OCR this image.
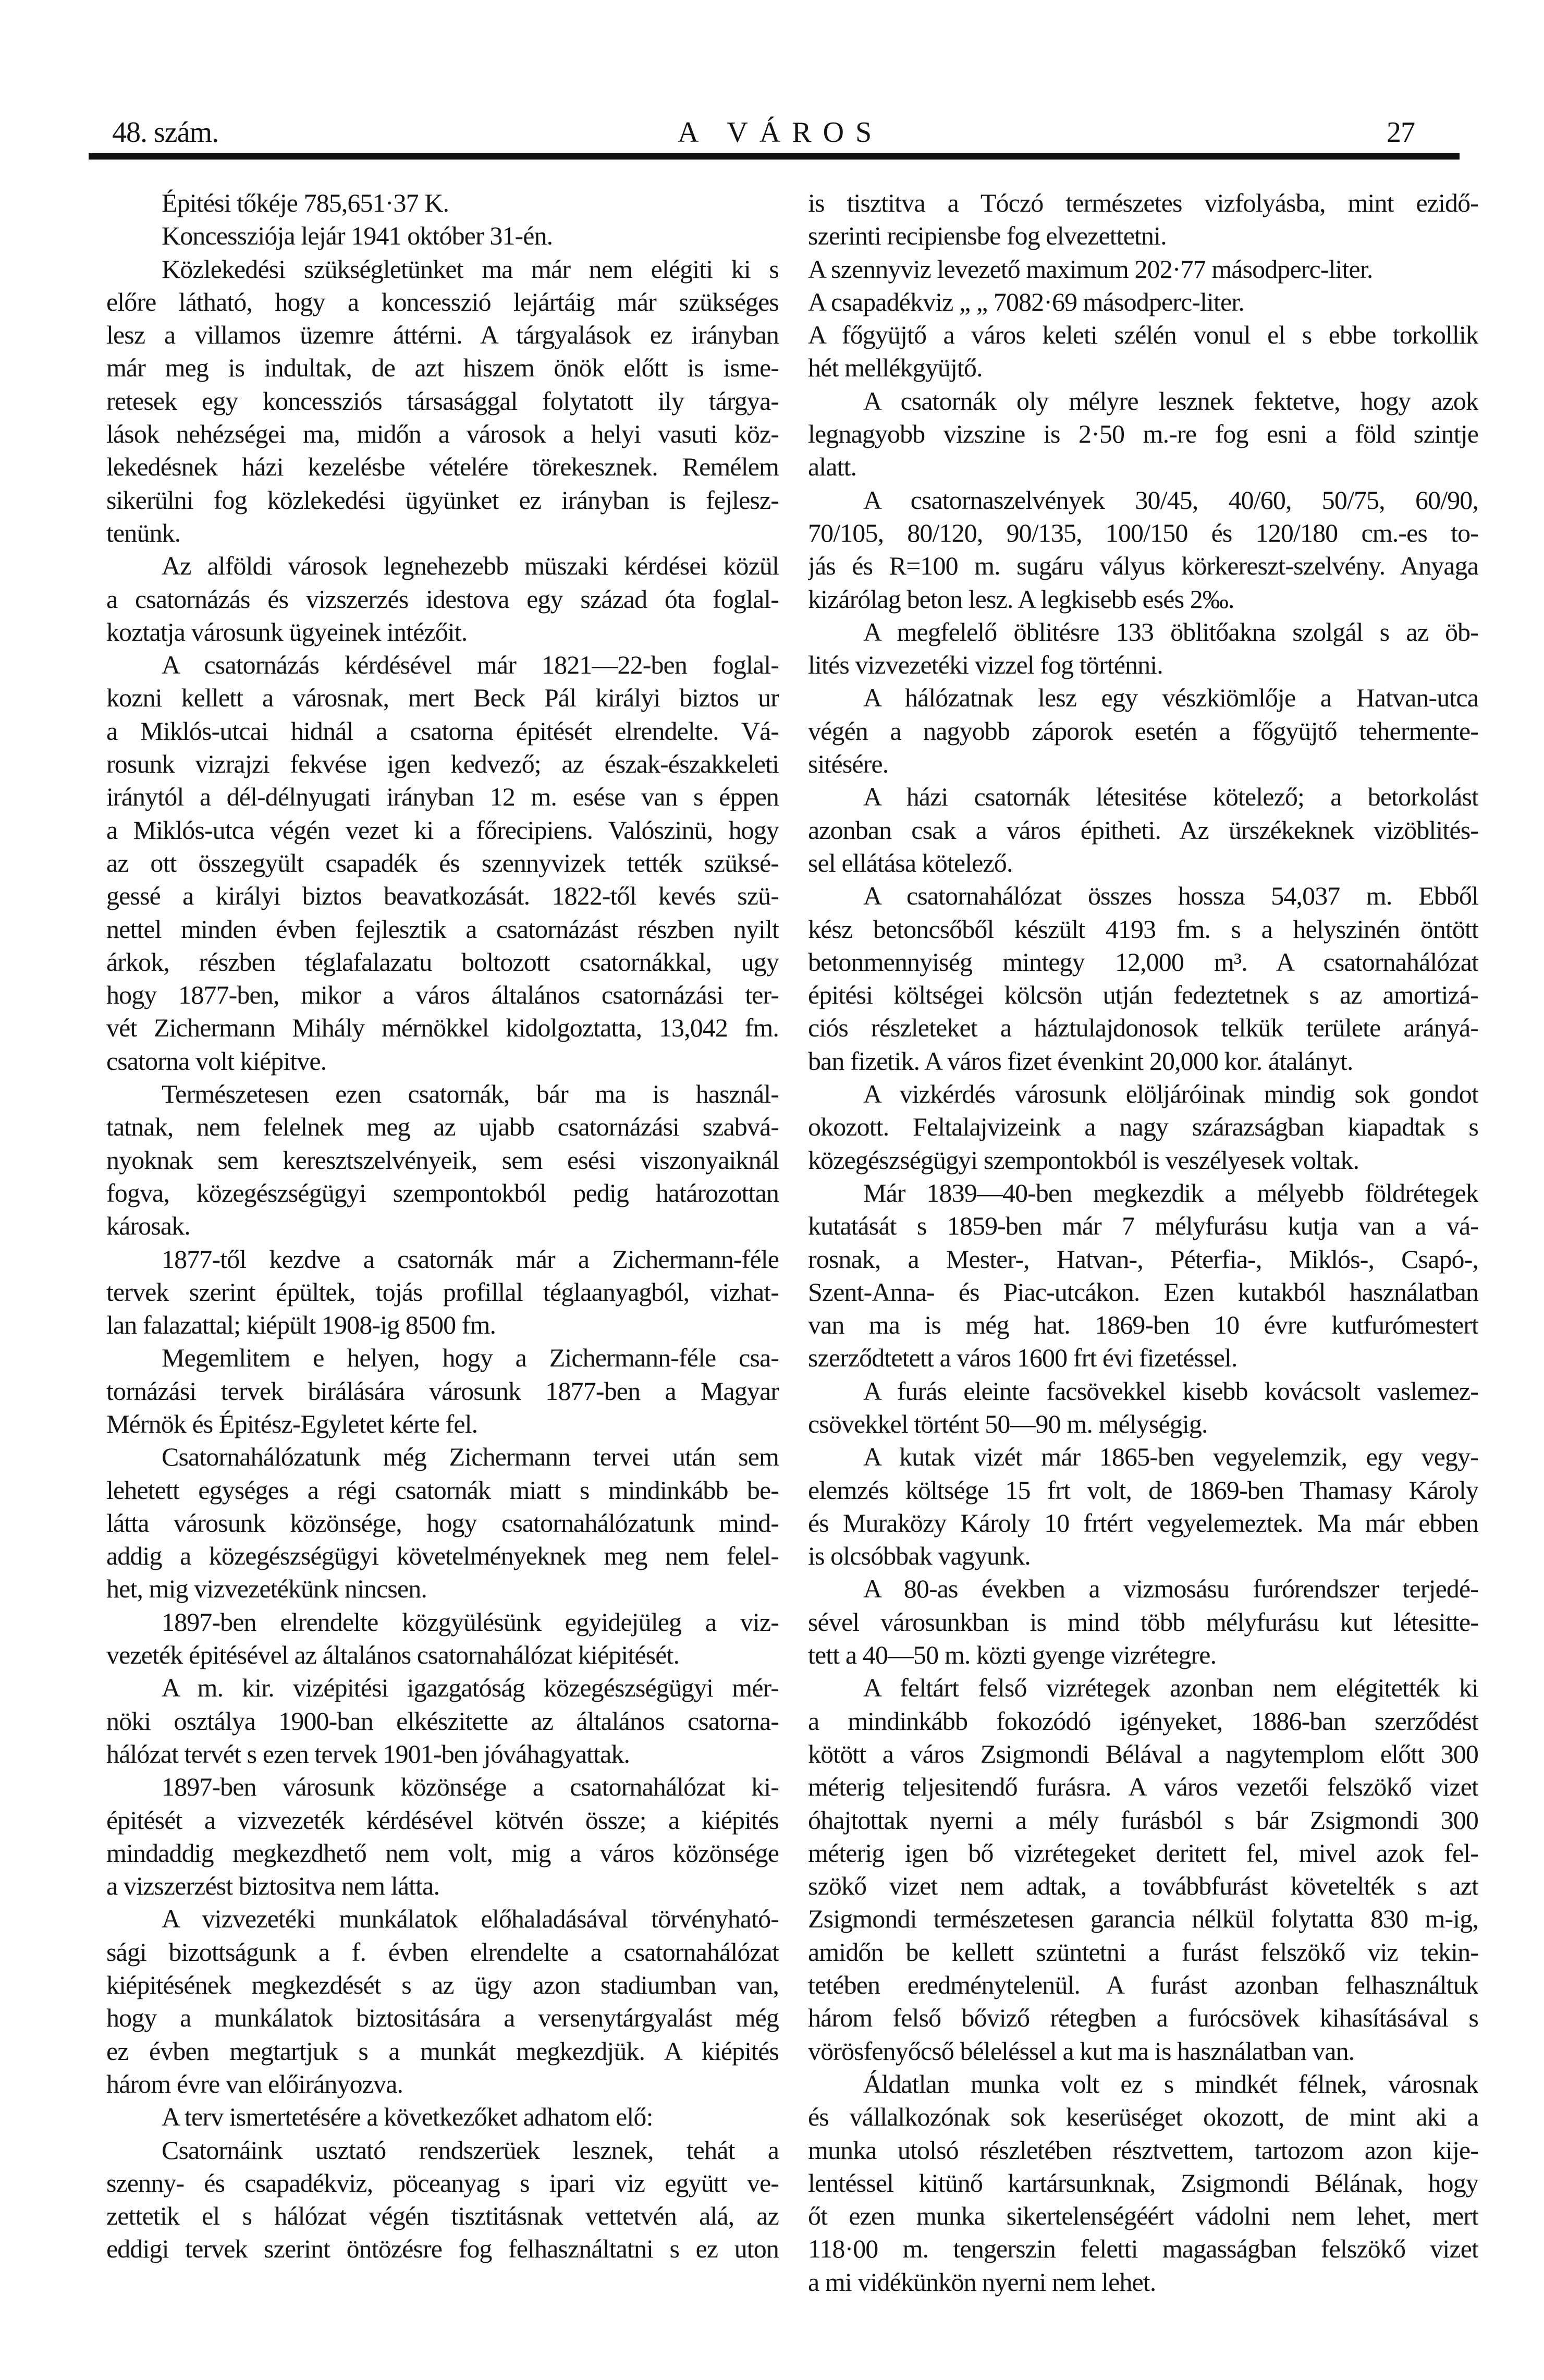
48. szám.	A VÁROS	27
Épitési tőkéje 785,651·37 K.
Koncessziója lejár 1941 október 31-én.
Közlekedési szükségletünket ma már nem elégiti ki s
előre látható, hogy a koncesszió lejártáig már szükséges
lesz a villamos üzemre áttérni. A tárgyalások ez irányban
már meg is indultak, de azt hiszem önök előtt is isme-
retesek egy koncessziós társasággal folytatott ily tárgya-
lások nehézségei ma, midőn a városok a helyi vasuti köz-
lekedésnek házi kezelésbe vételére törekesznek. Remélem
sikerülni fog közlekedési ügyünket ez irányban is fejlesz-
tenünk.
Az alföldi városok legnehezebb müszaki kérdései közül
a csatornázás és vizszerzés idestova egy század óta foglal-
koztatja városunk ügyeinek intézőit.
A csatornázás kérdésével már 1821—22-ben foglal-
kozni kellett a városnak, mert Beck Pál királyi biztos ur
a Miklós-utcai hidnál a csatorna épitését elrendelte. Vá-
rosunk vizrajzi fekvése igen kedvező; az észak-északkeleti
iránytól a dél-délnyugati irányban 12 m. esése van s éppen
a Miklós-utca végén vezet ki a főrecipiens. Valószinü, hogy
az ott összegyült csapadék és szennyvizek tették szüksé-
gessé a királyi biztos beavatkozását. 1822-től kevés szü-
nettel minden évben fejlesztik a csatornázást részben nyilt
árkok, részben téglafalazatu boltozott csatornákkal, ugy
hogy 1877-ben, mikor a város általános csatornázási ter-
vét Zichermann Mihály mérnökkel kidolgoztatta, 13,042 fm.
csatorna volt kiépitve.
Természetesen ezen csatornák, bár ma is használ-
tatnak, nem felelnek meg az ujabb csatornázási szabvá-
nyoknak sem keresztszelvényeik, sem esési viszonyaiknál
fogva, közegészségügyi szempontokból pedig határozottan
károsak.
1877-től kezdve a csatornák már a Zichermann-féle
tervek szerint épültek, tojás profillal téglaanyagból, vizhat-
lan falazattal; kiépült 1908-ig 8500 fm.
Megemlitem e helyen, hogy a Zichermann-féle csa-
tornázási tervek birálására városunk 1877-ben a Magyar
Mérnök és Épitész-Egyletet kérte fel.
Csatornahálózatunk még Zichermann tervei után sem
lehetett egységes a régi csatornák miatt s mindinkább be-
látta városunk közönsége, hogy csatornahálózatunk mind-
addig a közegészségügyi követelményeknek meg nem felel-
het, mig vizvezetékünk nincsen.
1897-ben elrendelte közgyülésünk egyidejüleg a viz-
vezeték épitésével az általános csatornahálózat kiépitését.
A m. kir. vizépitési igazgatóság közegészségügyi mér-
nöki osztálya 1900-ban elkészitette az általános csatorna-
hálózat tervét s ezen tervek 1901-ben jóváhagyattak.
1897-ben városunk közönsége a csatornahálózat ki-
épitését a vizvezeték kérdésével kötvén össze; a kiépités
mindaddig megkezdhető nem volt, mig a város közönsége
a vizszerzést biztositva nem látta.
A vizvezetéki munkálatok előhaladásával törvényható-
sági bizottságunk a f. évben elrendelte a csatornahálózat
kiépitésének megkezdését s az ügy azon stadiumban van,
hogy a munkálatok biztositására a versenytárgyalást még
ez évben megtartjuk s a munkát megkezdjük. A kiépités
három évre van előirányozva.
A terv ismertetésére a következőket adhatom elő:
Csatornáink usztató rendszerüek lesznek, tehát a
szenny- és csapadékviz, pöceanyag s ipari viz együtt ve-
zettetik el s hálózat végén tisztitásnak vettetvén alá, az
eddigi tervek szerint öntözésre fog felhasználtatni s ez uton
is tisztitva a Tóczó természetes vizfolyásba, mint ezidő-
szerinti recipiensbe fog elvezettetni.
A szennyviz levezető maximum 202·77 másodperc-liter.
A csapadékviz „ „ 7082·69 másodperc-liter.
A főgyüjtő a város keleti szélén vonul el s ebbe torkollik
hét mellékgyüjtő.
A csatornák oly mélyre lesznek fektetve, hogy azok
legnagyobb vizszine is 2·50 m.-re fog esni a föld szintje
alatt.
A csatornaszelvények 30/45, 40/60, 50/75, 60/90,
70/105, 80/120, 90/135, 100/150 és 120/180 cm.-es to-
jás és R=100 m. sugáru vályus körkereszt-szelvény. Anyaga
kizárólag beton lesz. A legkisebb esés 2‰.
A megfelelő öblitésre 133 öblitőakna szolgál s az öb-
lités vizvezetéki vizzel fog történni.
A hálózatnak lesz egy vészkiömlője a Hatvan-utca
végén a nagyobb záporok esetén a főgyüjtő tehermente-
sitésére.
A házi csatornák létesitése kötelező; a betorkolást
azonban csak a város épitheti. Az ürszékeknek vizöblités-
sel ellátása kötelező.
A csatornahálózat összes hossza 54,037 m. Ebből
kész betoncsőből készült 4193 fm. s a helyszinén öntött
betonmennyiség mintegy 12,000 m³. A csatornahálózat
épitési költségei kölcsön utján fedeztetnek s az amortizá-
ciós részleteket a háztulajdonosok telkük területe arányá-
ban fizetik. A város fizet évenkint 20,000 kor. átalányt.
A vizkérdés városunk elöljáróinak mindig sok gondot
okozott. Feltalajvizeink a nagy szárazságban kiapadtak s
közegészségügyi szempontokból is veszélyesek voltak.
Már 1839—40-ben megkezdik a mélyebb földrétegek
kutatását s 1859-ben már 7 mélyfurásu kutja van a vá-
rosnak, a Mester-, Hatvan-, Péterfia-, Miklós-, Csapó-,
Szent-Anna- és Piac-utcákon. Ezen kutakból használatban
van ma is még hat. 1869-ben 10 évre kutfurómestert
szerződtetett a város 1600 frt évi fizetéssel.
A furás eleinte facsövekkel kisebb kovácsolt vaslemez-
csövekkel történt 50—90 m. mélységig.
A kutak vizét már 1865-ben vegyelemzik, egy vegy-
elemzés költsége 15 frt volt, de 1869-ben Thamasy Károly
és Muraközy Károly 10 frtért vegyelemeztek. Ma már ebben
is olcsóbbak vagyunk.
A 80-as években a vizmosásu furórendszer terjedé-
sével városunkban is mind több mélyfurásu kut létesitte-
tett a 40—50 m. közti gyenge vizrétegre.
A feltárt felső vizrétegek azonban nem elégitették ki
a mindinkább fokozódó igényeket, 1886-ban szerződést
kötött a város Zsigmondi Bélával a nagytemplom előtt 300
méterig teljesitendő furásra. A város vezetői felszökő vizet
óhajtottak nyerni a mély furásból s bár Zsigmondi 300
méterig igen bő vizrétegeket deritett fel, mivel azok fel-
szökő vizet nem adtak, a továbbfurást követelték s azt
Zsigmondi természetesen garancia nélkül folytatta 830 m-ig,
amidőn be kellett szüntetni a furást felszökő viz tekin-
tetében eredménytelenül. A furást azonban felhasználtuk
három felső bőviző rétegben a furócsövek kihasításával s
vörösfenyőcső béleléssel a kut ma is használatban van.
Áldatlan munka volt ez s mindkét félnek, városnak
és vállalkozónak sok keserüséget okozott, de mint aki a
munka utolsó részletében résztvettem, tartozom azon kije-
lentéssel kitünő kartársunknak, Zsigmondi Bélának, hogy
őt ezen munka sikertelenségéért vádolni nem lehet, mert
118·00 m. tengerszin feletti magasságban felszökő vizet
a mi vidékünkön nyerni nem lehet.
